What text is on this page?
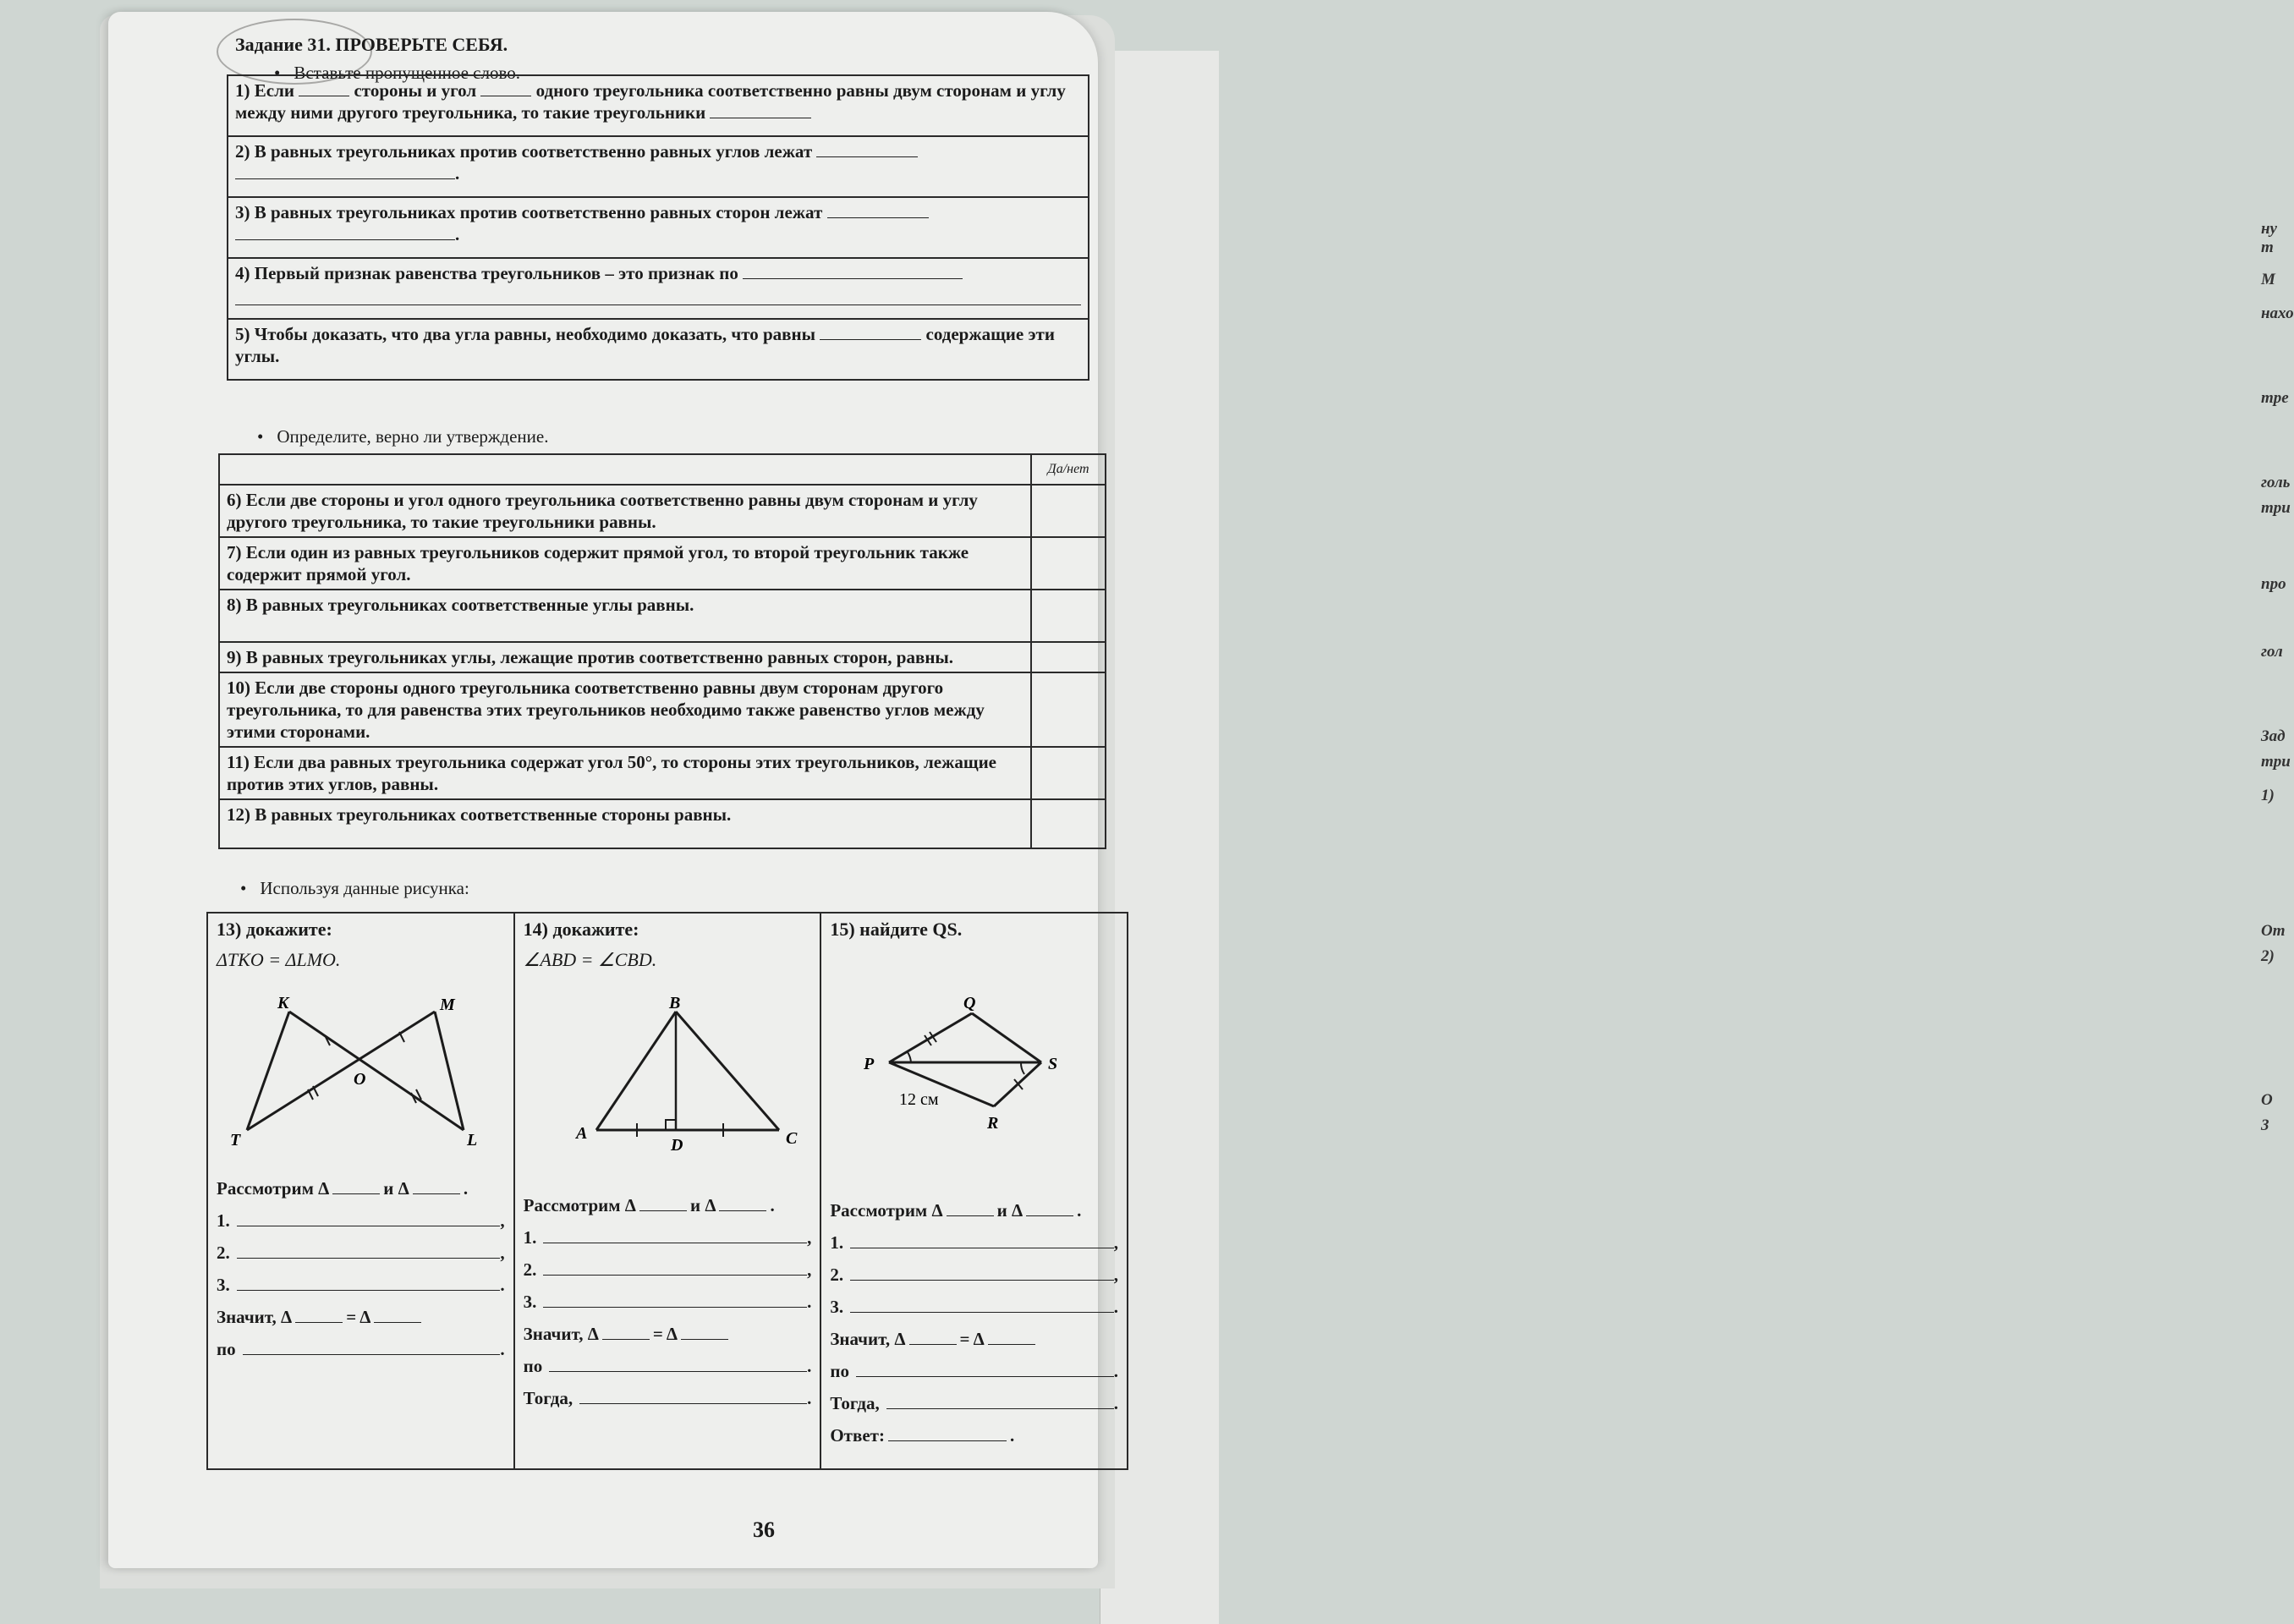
ну т
М
нахо
тре
голь
три
про
гол
Зад
три
1)
От
2)
О
3
Задание 31. ПРОВЕРЬТЕ СЕБЯ.
• Вставьте пропущенное слово.
1) Если	стороны и угол	одного треугольника соответственно равны двум сторонам и углу между ними другого треугольника, то такие треугольники
2) В равных треугольниках против соответственно равных углов лежат .
3) В равных треугольниках против соответственно равных сторон лежат .
4) Первый признак равенства треугольников – это признак по

5) Чтобы доказать, что два угла равны, необходимо доказать, что равны	содержащие эти углы.
• Определите, верно ли утверждение.
	Да/нет
6) Если две стороны и угол одного треугольника соответственно равны двум сторонам и углу другого треугольника, то такие треугольники равны.	
7) Если один из равных треугольников содержит прямой угол, то второй треугольник также содержит прямой угол.	
8) В равных треугольниках соответственные углы равны.	
9) В равных треугольниках углы, лежащие против соответственно равных сторон, равны.	
10) Если две стороны одного треугольника соответственно равны двум сторонам другого треугольника, то для равенства этих треугольников необходимо также равенство углов между этими сторонами.	
11) Если два равных треугольника содержат угол 50°, то стороны этих треугольников, лежащие против этих углов, равны.	
12) В равных треугольниках соответственные стороны равны.	
• Используя данные рисунка:
13) докажите:
ΔTKO = ΔLMO.
K	M
O
T	L
Рассмотрим Δ	и Δ	.
1.	,
2.	,
3.	.
Значит, Δ	= Δ
по	.
14) докажите:
∠ABD = ∠CBD.
B
A
D	C
Рассмотрим Δ	и Δ	.
1.	,
2.	,
3.	.
Значит, Δ	= Δ
по	.
Тогда,	.
15) найдите QS.
Q
P	S
R
12 см
Рассмотрим Δ	и Δ	.
1.	,
2.	,
3.	.
Значит, Δ	= Δ
по	.
Тогда,	.
Ответ:	.
36
